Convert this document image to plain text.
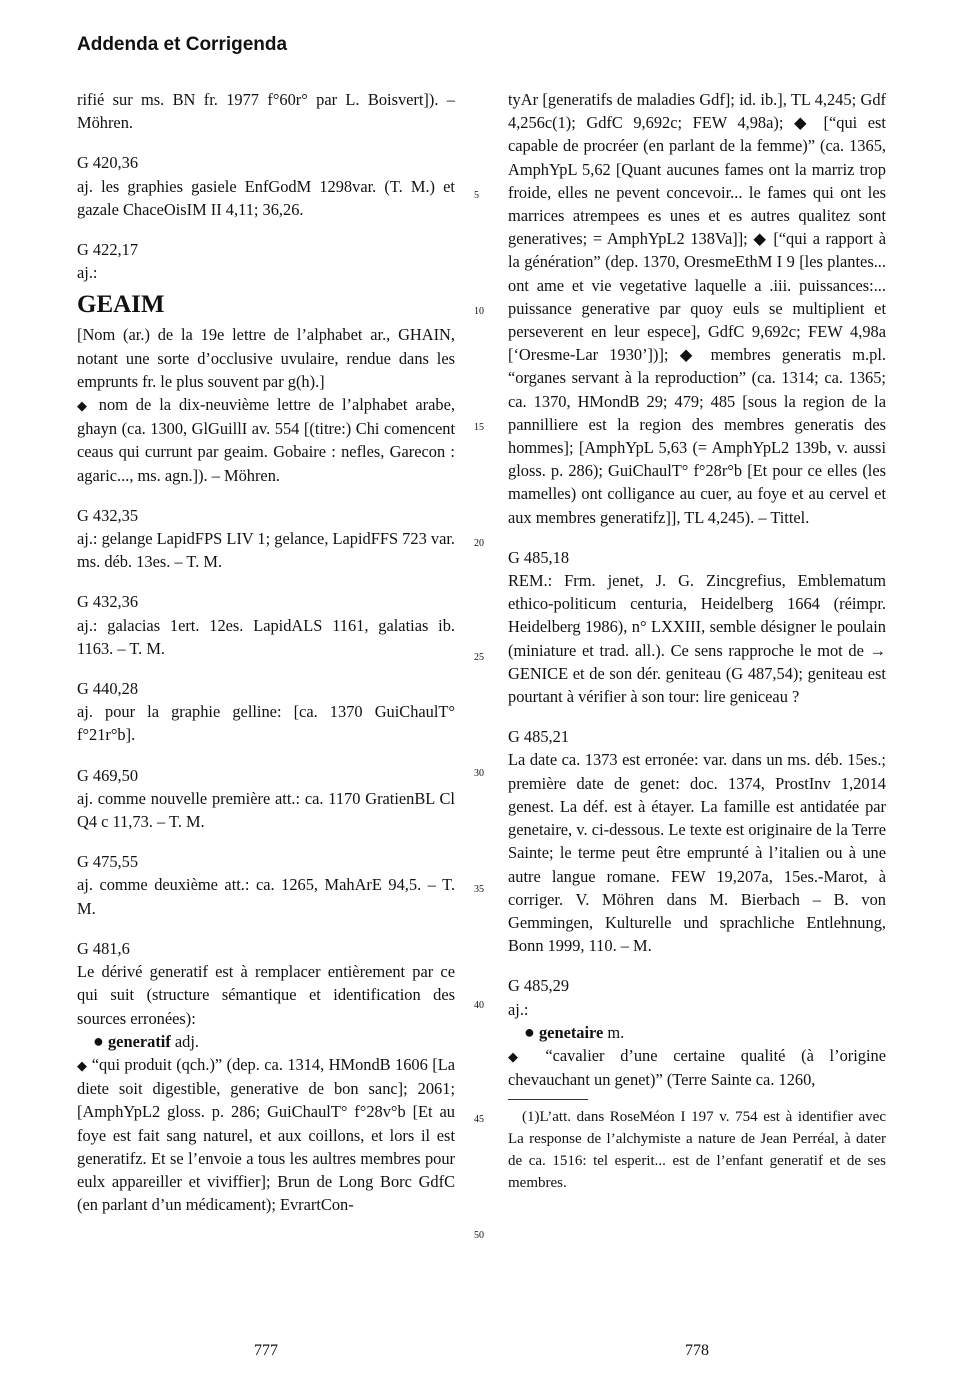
Addenda et Corrigenda

rifié sur ms. BN fr. 1977 f°60r° par L. Boisvert]). – Möhren.

G 420,36

aj. les graphies gasiele EnfGodM 1298var. (T. M.) et gazale ChaceOisIM II 4,11; 36,26.

G 422,17

aj.:

GEAIM

[Nom (ar.) de la 19e lettre de l’alphabet ar., GHAIN, notant une sorte d’occlusive uvulaire, rendue dans les emprunts fr. le plus souvent par g(h).]

◆ nom de la dix-neuvième lettre de l’alphabet arabe, ghayn (ca. 1300, GlGuillI av. 554 [(titre:) Chi comencent ceaus qui currunt par geaim. Gobaire : nefles, Garecon : agaric..., ms. agn.]). – Möhren.

G 432,35

aj.: gelange LapidFPS LIV 1; gelance, LapidFFS 723 var. ms. déb. 13es. – T. M.

G 432,36

aj.: galacias 1ert. 12es. LapidALS 1161, galatias ib. 1163. – T. M.

G 440,28

aj. pour la graphie gelline: [ca. 1370 GuiChaulT° f°21r°b].

G 469,50

aj. comme nouvelle première att.: ca. 1170 GratienBL Cl Q4 c 11,73. – T. M.

G 475,55

aj. comme deuxième att.: ca. 1265, MahArE 94,5. – T. M.

G 481,6

Le dérivé generatif est à remplacer entièrement par ce qui suit (structure sémantique et identification des sources erronées):

● generatif adj.

◆ “qui produit (qch.)” (dep. ca. 1314, HMondB 1606 [La diete soit digestible, generative de bon sanc]; 2061; [AmphYpL2 gloss. p. 286; GuiChaulT° f°28v°b [Et au foye est fait sang naturel, et aux coillons, et lors il est generatifz. Et se l’envoie a tous les aultres membres pour eulx appareiller et viviffier]; Brun de Long Borc GdfC (en parlant d’un médicament); EvrartCon-

5
10
15
20
25
30
35
40
45
50

tyAr [generatifs de maladies Gdf]; id. ib.], TL 4,245; Gdf 4,256c(1); GdfC 9,692c; FEW 4,98a); ◆ [“qui est capable de procréer (en parlant de la femme)” (ca. 1365, AmphYpL 5,62 [Quant aucunes fames ont la marriz trop froide, elles ne pevent concevoir... le fames qui ont les marrices atrempees es unes et es autres qualitez sont generatives; = AmphYpL2 138Va]]; ◆ [“qui a rapport à la génération” (dep. 1370, OresmeEthM I 9 [les plantes... ont ame et vie vegetative laquelle a .iii. puissances:... puissance generative par quoy euls se multiplient et perseverent en leur espece], GdfC 9,692c; FEW 4,98a [‘Oresme-Lar 1930’])]; ◆ membres generatis m.pl. “organes servant à la reproduction” (ca. 1314; ca. 1365; ca. 1370, HMondB 29; 479; 485 [sous la region de la pannilliere est la region des membres generatis des hommes]; [AmphYpL 5,63 (= AmphYpL2 139b, v. aussi gloss. p. 286); GuiChaulT° f°28r°b [Et pour ce elles (les mamelles) ont colligance au cuer, au foye et au cervel et aux membres generatifz]], TL 4,245). – Tittel.

G 485,18

REM.: Frm. jenet, J. G. Zincgrefius, Emblematum ethico-politicum centuria, Heidelberg 1664 (réimpr. Heidelberg 1986), n° LXXIII, semble désigner le poulain (miniature et trad. all.). Ce sens rapproche le mot de → GENICE et de son dér. geniteau (G 487,54); geniteau est pourtant à vérifier à son tour: lire geniceau ?

G 485,21

La date ca. 1373 est erronée: var. dans un ms. déb. 15es.; première date de genet: doc. 1374, ProstInv 1,2014 genest. La déf. est à étayer. La famille est antidatée par genetaire, v. ci-dessous. Le texte est originaire de la Terre Sainte; le terme peut être emprunté à l’italien ou à une autre langue romane. FEW 19,207a, 15es.-Marot, à corriger. V. Möhren dans M. Bierbach – B. von Gemmingen, Kulturelle und sprachliche Entlehnung, Bonn 1999, 110. – M.

G 485,29

aj.:

● genetaire m.

◆ “cavalier d’une certaine qualité (à l’origine chevauchant un genet)” (Terre Sainte ca. 1260,

(1)L’att. dans RoseMéon I 197 v. 754 est à identifier avec La response de l’alchymiste a nature de Jean Perréal, à dater de ca. 1516: tel esperit... est de l’enfant generatif et de ses membres.

777	778
